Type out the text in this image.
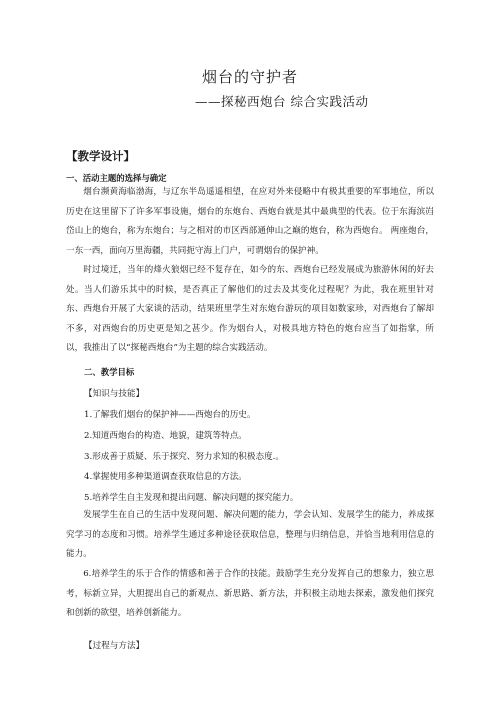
烟台的守护者
——探秘西炮台 综合实践活动
【教学设计】
一、活动主题的选择与确定

烟台濒黄海临渤海，与辽东半岛遥遥相望，在应对外来侵略中有极其重要的军事地位，所以历史在这里留下了许多军事设施，烟台的东炮台、西炮台就是其中最典型的代表。位于东海滨岿岱山上的炮台，称为东炮台；与之相对的市区西部通伸山之巅的炮台，称为西炮台。 两座炮台，一东一西，面向万里海疆，共同扼守海上门户，可谓烟台的保护神。

时过境迁，当年的烽火狼烟已经不复存在，如今的东、西炮台已经发展成为旅游休闲的好去处。当人们游乐其中的时候，是否真正了解他们的过去及其变化过程呢？为此，我在班里针对东、西炮台开展了大家谈的活动，结果班里学生对东炮台游玩的项目如数家珍，对西炮台了解却不多，对西炮台的历史更是知之甚少。作为烟台人，对极具地方特色的炮台应当了如指掌，所以，我推出了以“探秘西炮台”为主题的综合实践活动。

二、教学目标
【知识与技能】
1.了解我们烟台的保护神——西炮台的历史。
2.知道西炮台的构造、地貌，建筑等特点。
3.形成善于质疑、乐于探究、努力求知的积极态度.。
4.掌握使用多种渠道调查获取信息的方法。
5.培养学生自主发现和提出问题、解决问题的探究能力。

发展学生在自己的生活中发现问题、解决问题的能力，学会认知、发展学生的能力，养成探究学习的态度和习惯。培养学生通过多种途径获取信息，整理与归纳信息，并恰当地利用信息的能力。

6.培养学生的乐于合作的情感和善于合作的技能。鼓励学生充分发挥自己的想象力，独立思考，标新立异，大胆提出自己的新观点、新思路、新方法，并积极主动地去探索，激发他们探究和创新的欲望，培养创新能力。

【过程与方法】
